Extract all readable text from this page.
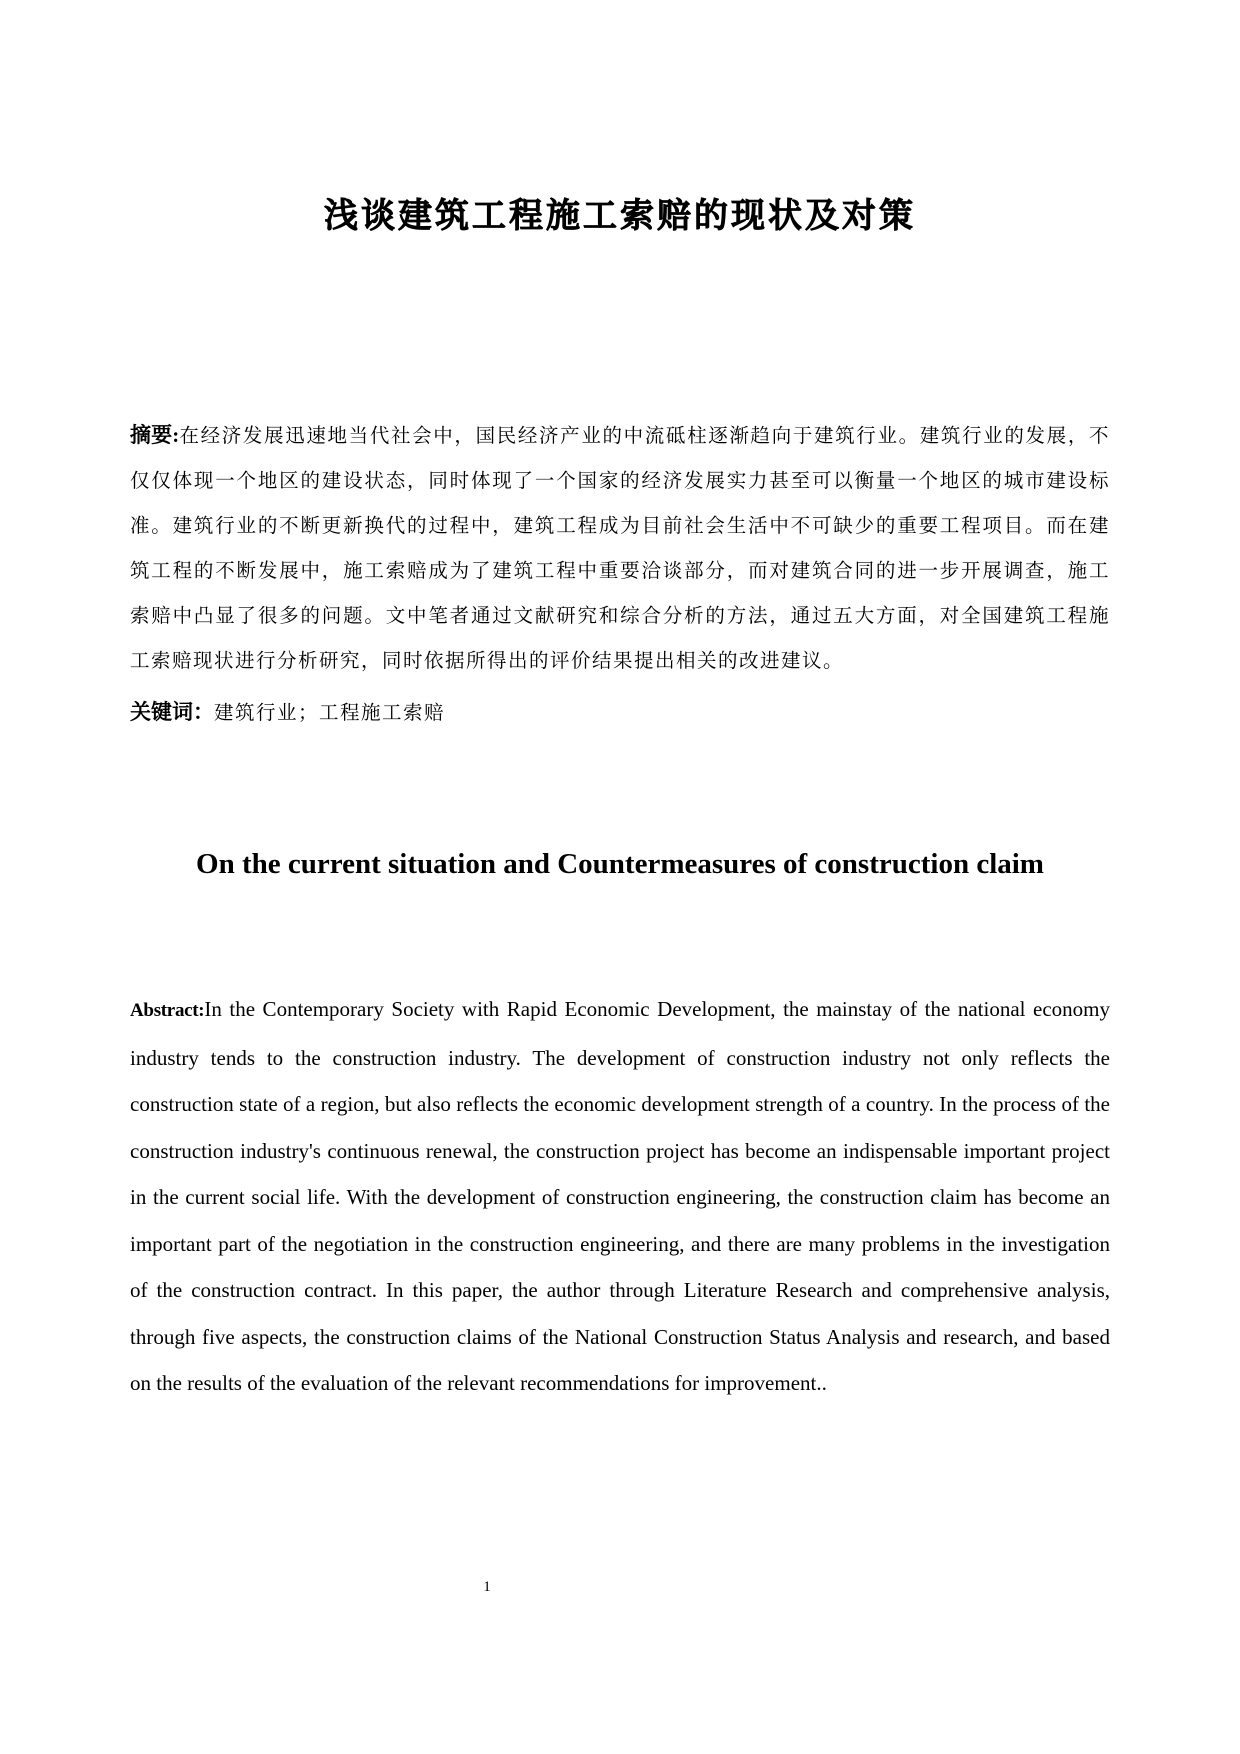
浅谈建筑工程施工索赔的现状及对策

摘要:在经济发展迅速地当代社会中，国民经济产业的中流砥柱逐渐趋向于建筑行业。建筑行业的发展，不仅仅体现一个地区的建设状态，同时体现了一个国家的经济发展实力甚至可以衡量一个地区的城市建设标准。建筑行业的不断更新换代的过程中，建筑工程成为目前社会生活中不可缺少的重要工程项目。而在建筑工程的不断发展中，施工索赔成为了建筑工程中重要洽谈部分，而对建筑合同的进一步开展调查，施工索赔中凸显了很多的问题。文中笔者通过文献研究和综合分析的方法，通过五大方面，对全国建筑工程施工索赔现状进行分析研究，同时依据所得出的评价结果提出相关的改进建议。

关键词：建筑行业；工程施工索赔

On the current situation and Countermeasures of construction claim

Abstract:In the Contemporary Society with Rapid Economic Development, the mainstay of the national economy industry tends to the construction industry. The development of construction industry not only reflects the construction state of a region, but also reflects the economic development strength of a country. In the process of the construction industry's continuous renewal, the construction project has become an indispensable important project in the current social life. With the development of construction engineering, the construction claim has become an important part of the negotiation in the construction engineering, and there are many problems in the investigation of the construction contract. In this paper, the author through Literature Research and comprehensive analysis, through five aspects, the construction claims of the National Construction Status Analysis and research, and based on the results of the evaluation of the relevant recommendations for improvement..

1
